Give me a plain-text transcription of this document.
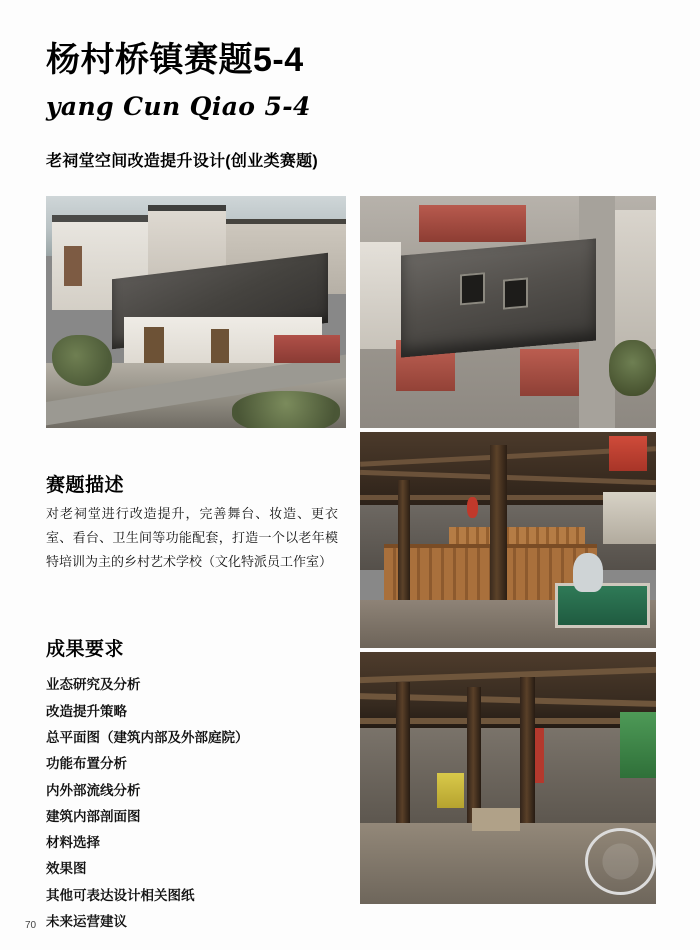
杨村桥镇赛题5-4
yang Cun Qiao 5-4
老祠堂空间改造提升设计(创业类赛题)
赛题描述
对老祠堂进行改造提升，完善舞台、妆造、更衣室、看台、卫生间等功能配套，打造一个以老年模特培训为主的乡村艺术学校（文化特派员工作室）
成果要求
业态研究及分析
改造提升策略
总平面图（建筑内部及外部庭院）
功能布置分析
内外部流线分析
建筑内部剖面图
材料选择
效果图
其他可表达设计相关图纸
未来运营建议
70
